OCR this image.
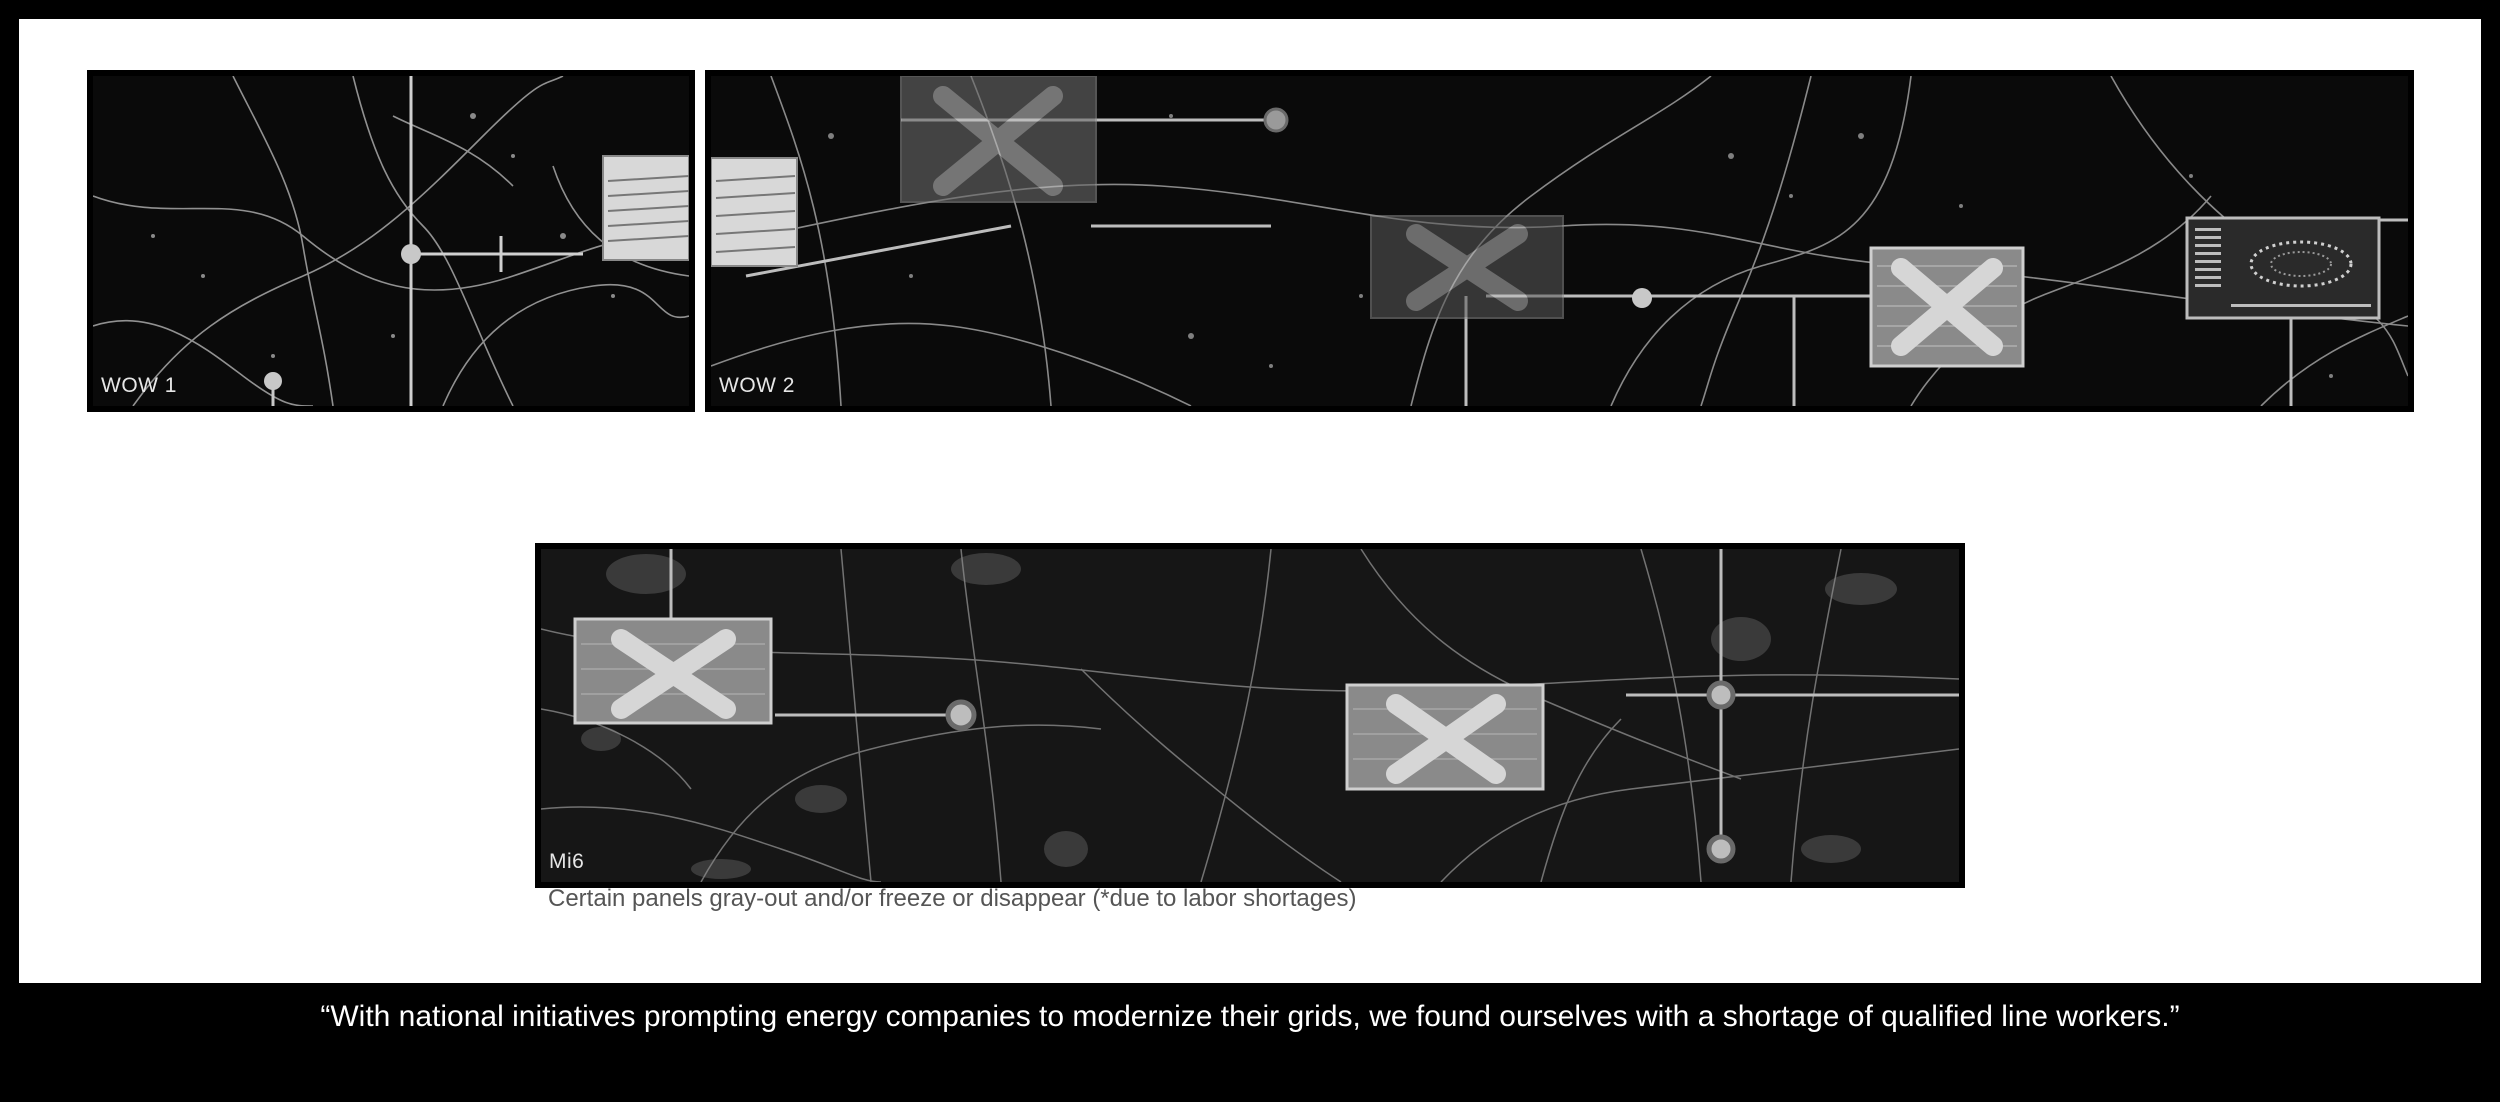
WOW 1	WOW 2
Mi6
Certain panels gray-out and/or freeze or disappear (*due to labor shortages)
“With national initiatives prompting energy companies to modernize their grids, we found ourselves with a shortage of qualified line workers.”
